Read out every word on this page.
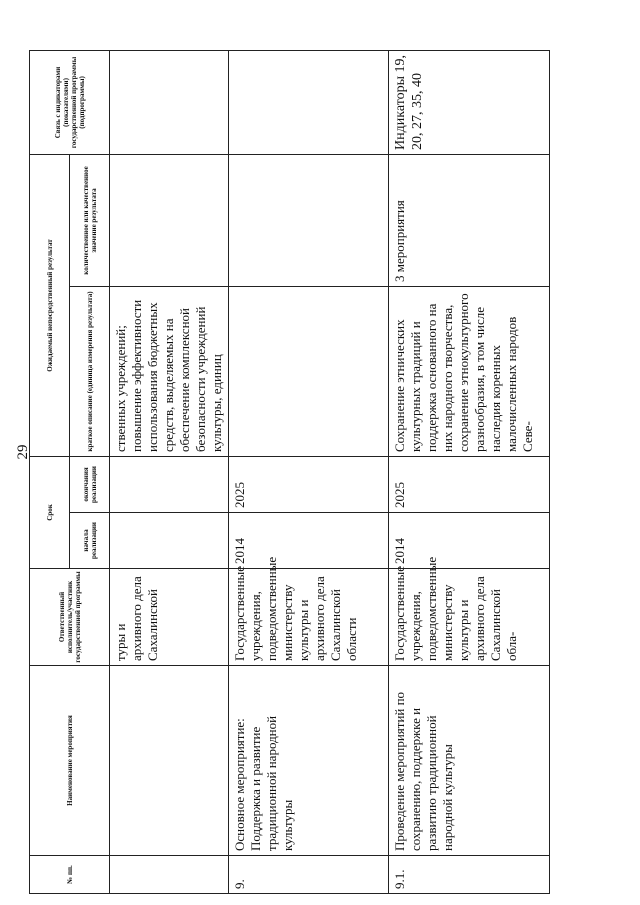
29
№ пп.	Наименование мероприятия	Ответственный исполнитель/участник государственной программы	Срок		Ожидаемый непосредственный результат		Связь с индикаторами (показателями) государственной программы (подпрограммы)
			начала реализации	окончания реализации	краткое описание (единица измерения результата)	количественное или качественное значение результата	
		туры и архивного дела Сахалинской			ственных учреждений; повышение эффективности использования бюджетных средств, выделяемых на обеспечение комплексной безопасности учреждений культуры, единиц		
9.	Основное мероприятие: Поддержка и развитие традиционной народной культуры	Государственные учреждения, подведомственные министерству культуры и архивного дела Сахалинской области	2014	2025			
9.1.	Проведение мероприятий по сохранению, поддержке и развитию традиционной народной культуры	Государственные учреждения, подведомственные министерству культуры и архивного дела Сахалинской обла-	2014	2025	Сохранение этнических культурных традиций и поддержка основанного на них народного творчества, сохранение этнокультурного разнообразия, в том числе наследия коренных малочисленных народов Севе-	3 мероприятия	Индикаторы 19, 20, 27, 35, 40
